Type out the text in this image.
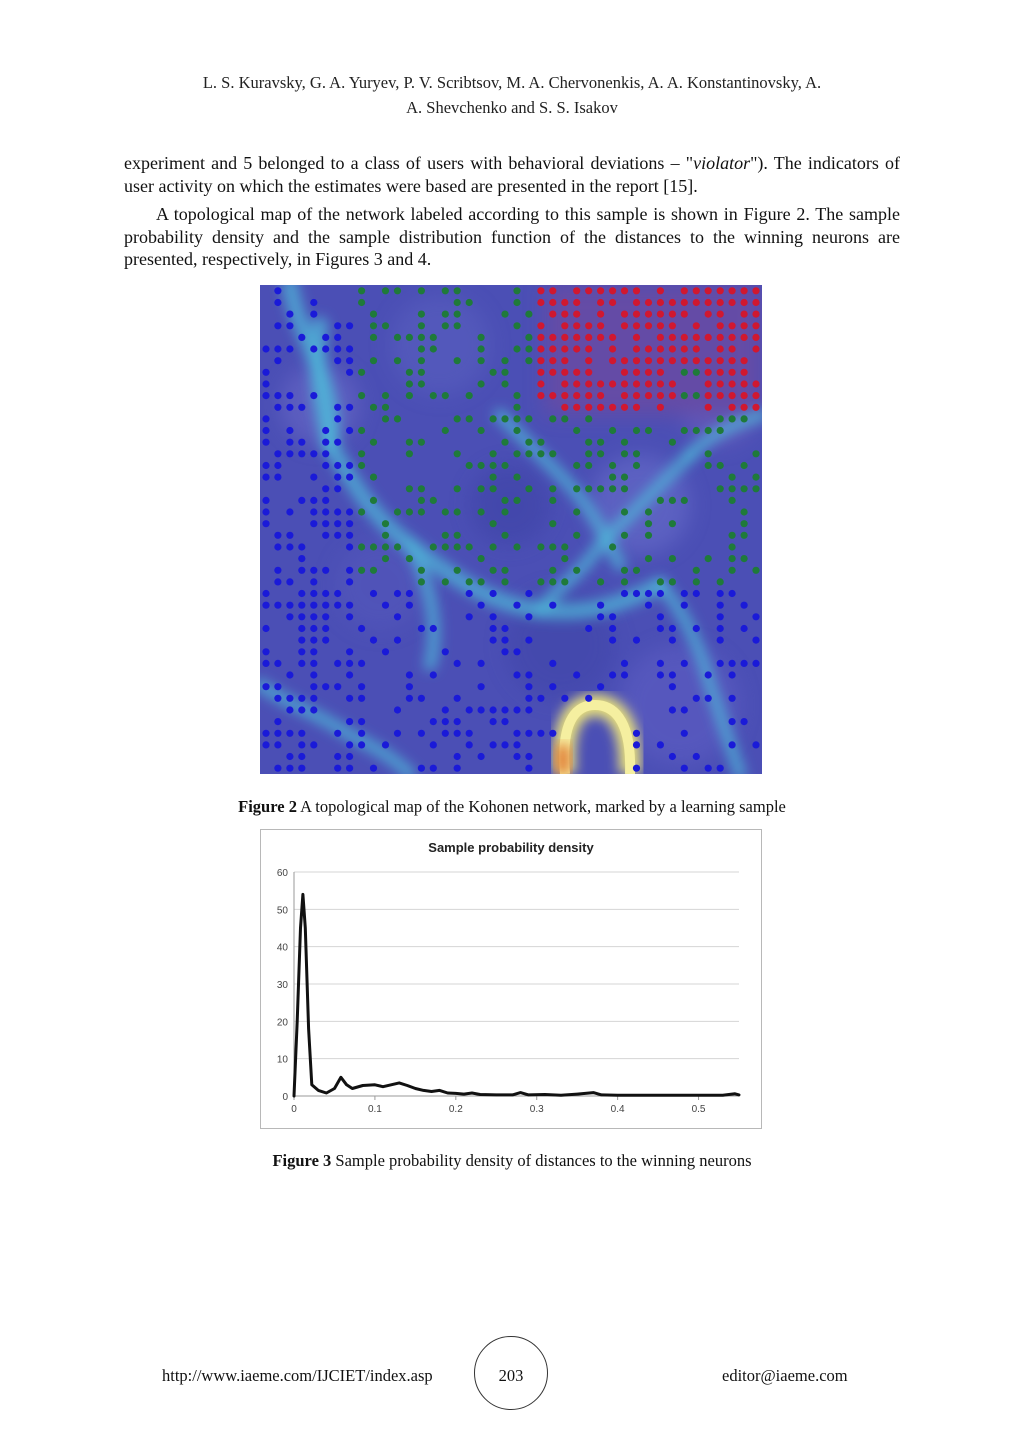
L. S. Kuravsky, G. A. Yuryev, P. V. Scribtsov, M. A. Chervonenkis, A. A. Konstantinovsky, A.
A. Shevchenko and S. S. Isakov

experiment and 5 belonged to a class of users with behavioral deviations – "violator"). The indicators of user activity on which the estimates were based are presented in the report [15].

A topological map of the network labeled according to this sample is shown in Figure 2. The sample probability density and the sample distribution function of the distances to the winning neurons are presented, respectively, in Figures 3 and 4.

Figure 2 A topological map of the Kohonen network, marked by a learning sample
0
10
20
30
40
50
60
0	0.1	0.2	0.3	0.4	0.5
Sample probability density
Figure 3 Sample probability density of distances to the winning neurons
http://www.iaeme.com/IJCIET/index.asp	203	editor@iaeme.com
